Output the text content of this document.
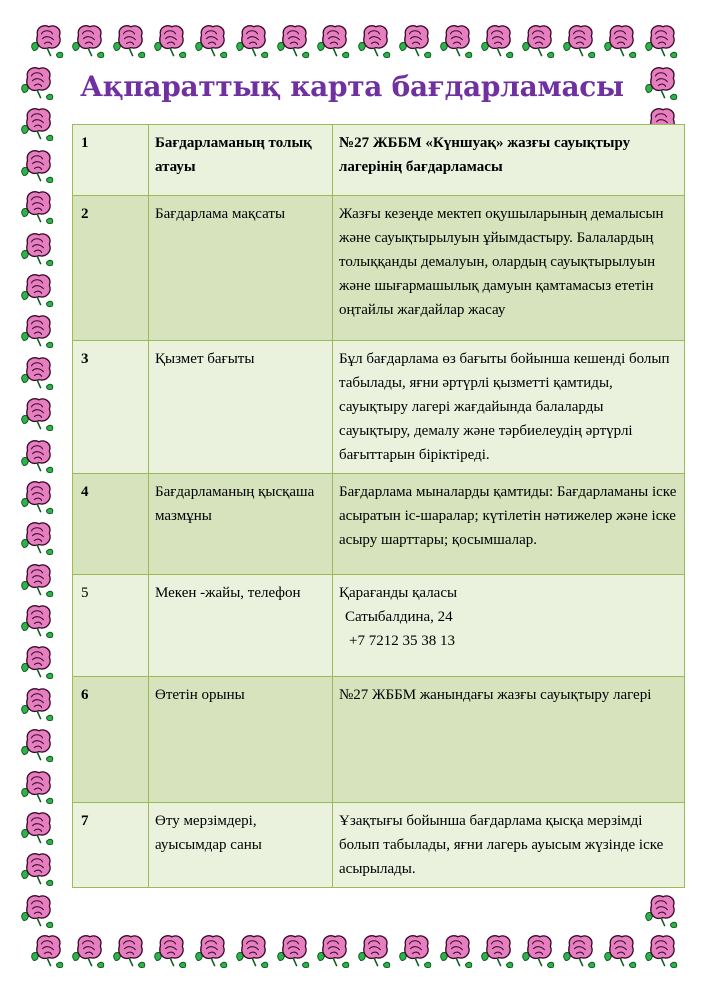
Ақпараттық карта бағдарламасы
1	Бағдарламаның толық атауы	№27 ЖББМ «Күншуақ» жазғы сауықтыру лагерінің бағдарламасы
2	Бағдарлама мақсаты	Жазғы кезеңде мектеп оқушыларының демалысын және сауықтырылуын ұйымдастыру. Балалардың толыққанды демалуын, олардың сауықтырылуын және шығармашылық дамуын қамтамасыз ететін оңтайлы жағдайлар жасау
3	Қызмет бағыты	Бұл бағдарлама өз бағыты бойынша кешенді болып табылады, яғни әртүрлі қызметті қамтиды, сауықтыру лагері жағдайында балаларды сауықтыру, демалу және тәрбиелеудің әртүрлі бағыттарын біріктіреді.
4	Бағдарламаның қысқаша мазмұны	Бағдарлама мыналарды қамтиды: Бағдарламаны іске асыратын іс-шаралар; күтілетін нәтижелер және іске асыру шарттары; қосымшалар.
5	Мекен -жайы, телефон	Қарағанды қаласы
Сатыбалдина, 24
+7 7212 35 38 13

6	Өтетін орыны	№27 ЖББМ жанындағы жазғы сауықтыру лагері
7	Өту мерзімдері, ауысымдар саны	Ұзақтығы бойынша бағдарлама қысқа мерзімді болып табылады, яғни лагерь ауысым жүзінде іске асырылады.
